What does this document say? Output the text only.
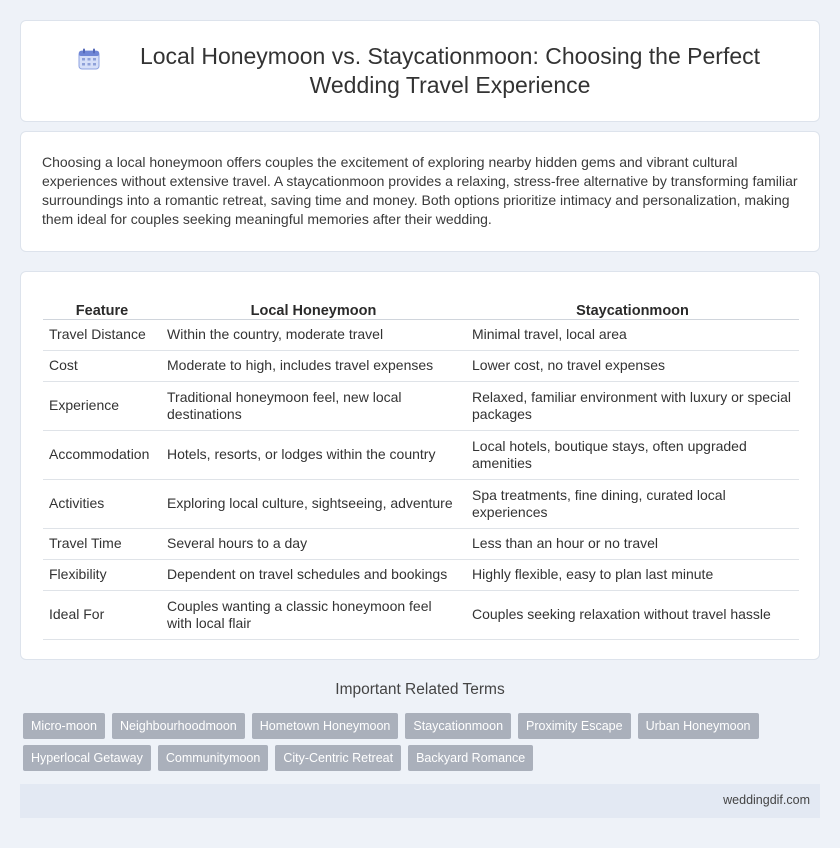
Local Honeymoon vs. Staycationmoon: Choosing the Perfect Wedding Travel Experience

Choosing a local honeymoon offers couples the excitement of exploring nearby hidden gems and vibrant cultural experiences without extensive travel. A staycationmoon provides a relaxing, stress-free alternative by transforming familiar surroundings into a romantic retreat, saving time and money. Both options prioritize intimacy and personalization, making them ideal for couples seeking meaningful memories after their wedding.

Feature	Local Honeymoon	Staycationmoon
Travel Distance	Within the country, moderate travel	Minimal travel, local area
Cost	Moderate to high, includes travel expenses	Lower cost, no travel expenses
Experience	Traditional honeymoon feel, new local destinations	Relaxed, familiar environment with luxury or special packages
Accommodation	Hotels, resorts, or lodges within the country	Local hotels, boutique stays, often upgraded amenities
Activities	Exploring local culture, sightseeing, adventure	Spa treatments, fine dining, curated local experiences
Travel Time	Several hours to a day	Less than an hour or no travel
Flexibility	Dependent on travel schedules and bookings	Highly flexible, easy to plan last minute
Ideal For	Couples wanting a classic honeymoon feel with local flair	Couples seeking relaxation without travel hassle
Important Related Terms
Micro-moon	Neighbourhoodmoon	Hometown Honeymoon	Staycationmoon	Proximity Escape	Urban Honeymoon
Hyperlocal Getaway	Communitymoon	City-Centric Retreat	Backyard Romance
weddingdif.com
